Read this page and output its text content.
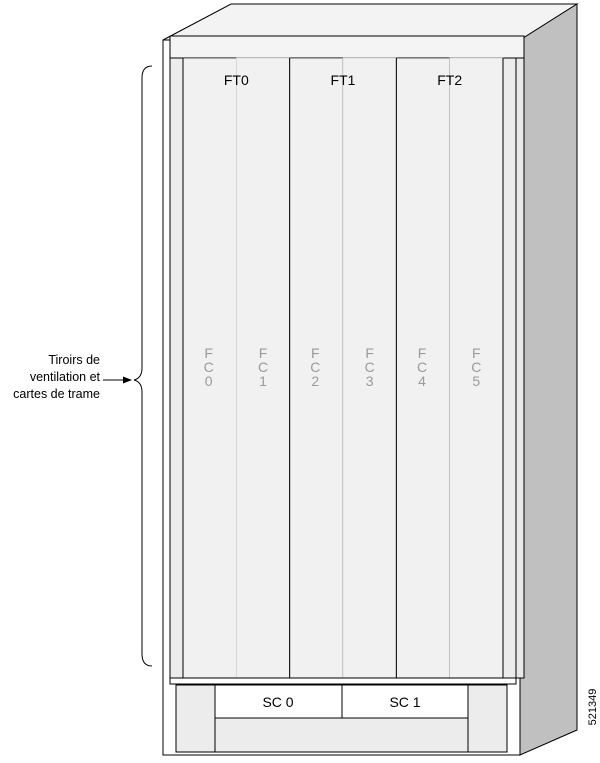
FT0	FT1	FT2
F
C
0
F
C
1
F
C
2
F
C
3
F
C
4
F
C
5
SC 0	SC 1	521349
Tiroirs de
ventilation et
cartes de trame
